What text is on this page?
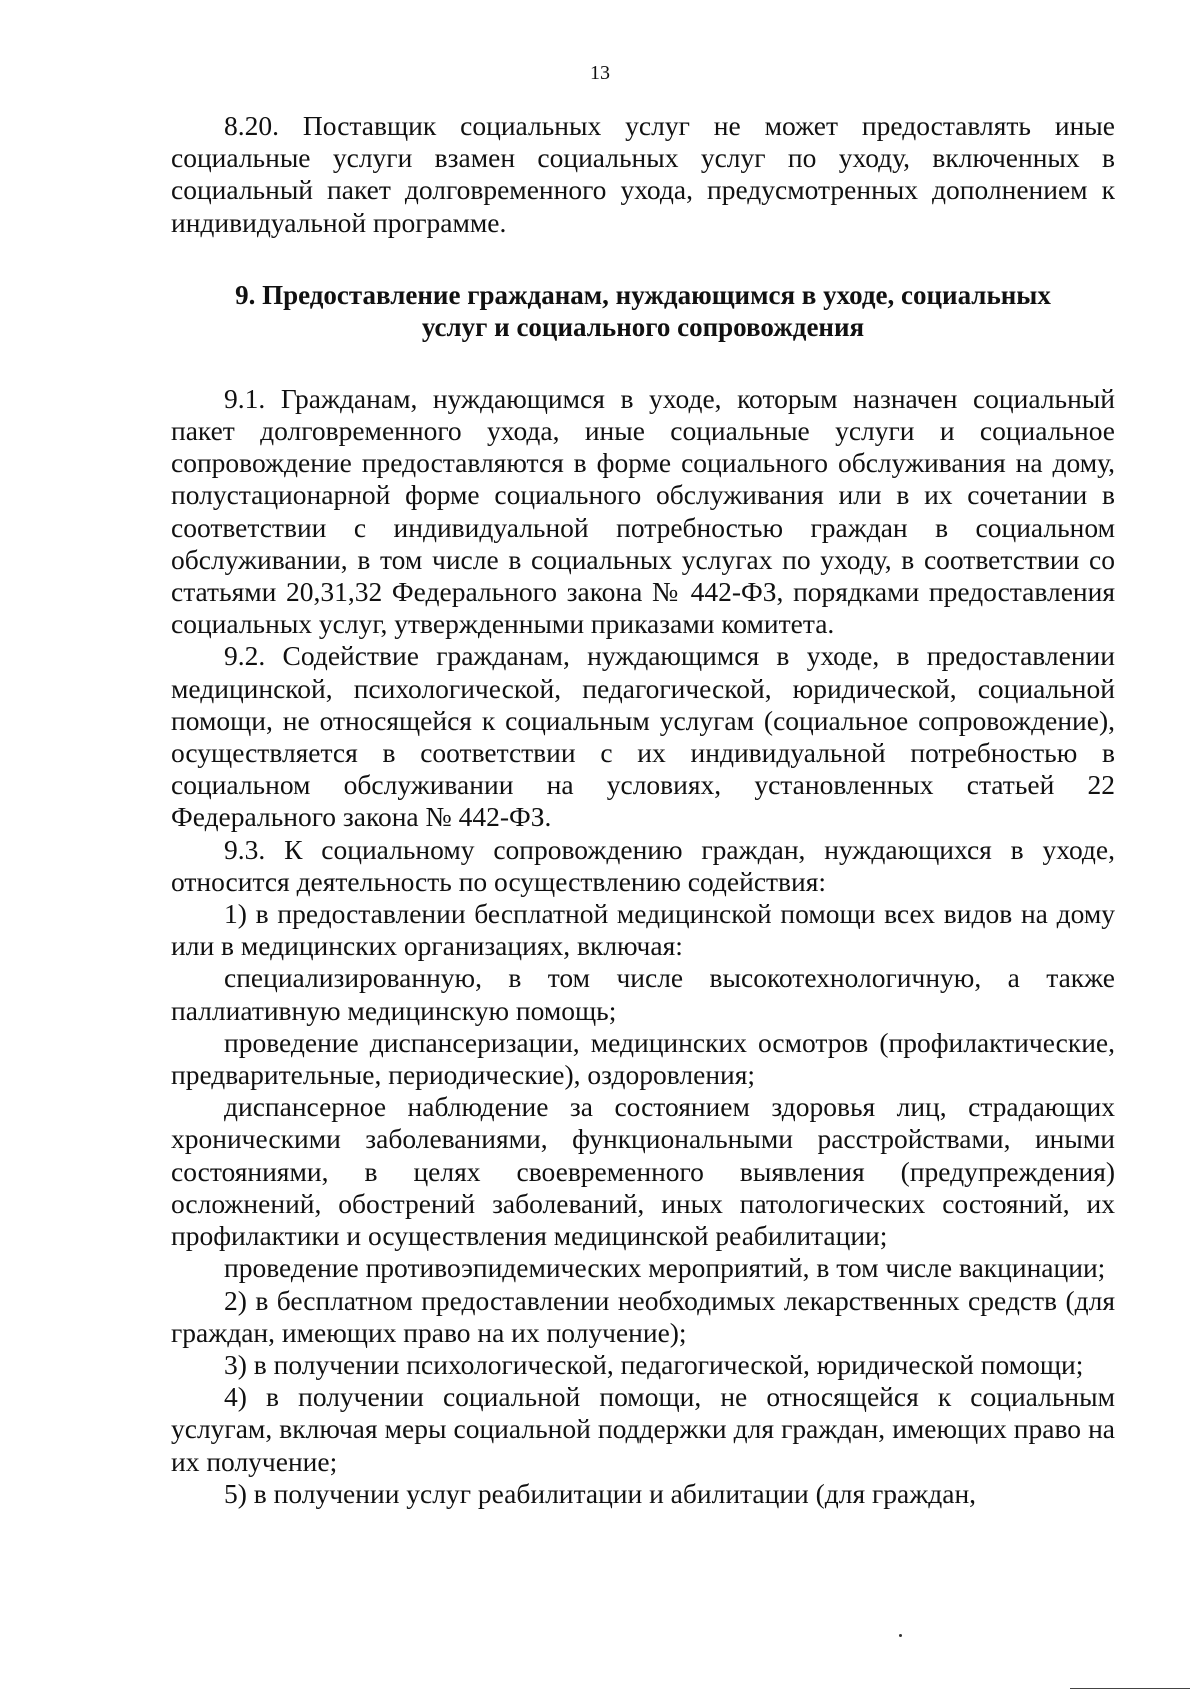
13

8.20. Поставщик социальных услуг не может предоставлять иные социальные услуги взамен социальных услуг по уходу, включенных в социальный пакет долговременного ухода, предусмотренных дополнением к индивидуальной программе.

9. Предоставление гражданам, нуждающимся в уходе, социальных
услуг и социального сопровождения

9.1. Гражданам, нуждающимся в уходе, которым назначен социальный пакет долговременного ухода, иные социальные услуги и социальное сопровождение предоставляются в форме социального обслуживания на дому, полустационарной форме социального обслуживания или в их сочетании в соответствии с индивидуальной потребностью граждан в социальном обслуживании, в том числе в социальных услугах по уходу, в соответствии со статьями 20,31,32 Федерального закона № 442-ФЗ, порядками предоставления социальных услуг, утвержденными приказами комитета.

9.2. Содействие гражданам, нуждающимся в уходе, в предоставлении медицинской, психологической, педагогической, юридической, социальной помощи, не относящейся к социальным услугам (социальное сопровождение), осуществляется в соответствии с их индивидуальной потребностью в социальном обслуживании на условиях, установленных статьей 22 Федерального закона № 442-ФЗ.

9.3. К социальному сопровождению граждан, нуждающихся в уходе, относится деятельность по осуществлению содействия:

1) в предоставлении бесплатной медицинской помощи всех видов на дому или в медицинских организациях, включая:

специализированную, в том числе высокотехнологичную, а также паллиативную медицинскую помощь;

проведение диспансеризации, медицинских осмотров (профилактические, предварительные, периодические), оздоровления;

диспансерное наблюдение за состоянием здоровья лиц, страдающих хроническими заболеваниями, функциональными расстройствами, иными состояниями, в целях своевременного выявления (предупреждения) осложнений, обострений заболеваний, иных патологических состояний, их профилактики и осуществления медицинской реабилитации;

проведение противоэпидемических мероприятий, в том числе вакцинации;

2) в бесплатном предоставлении необходимых лекарственных средств (для граждан, имеющих право на их получение);

3) в получении психологической, педагогической, юридической помощи;

4) в получении социальной помощи, не относящейся к социальным услугам, включая меры социальной поддержки для граждан, имеющих право на их получение;

5) в получении услуг реабилитации и абилитации (для граждан,
